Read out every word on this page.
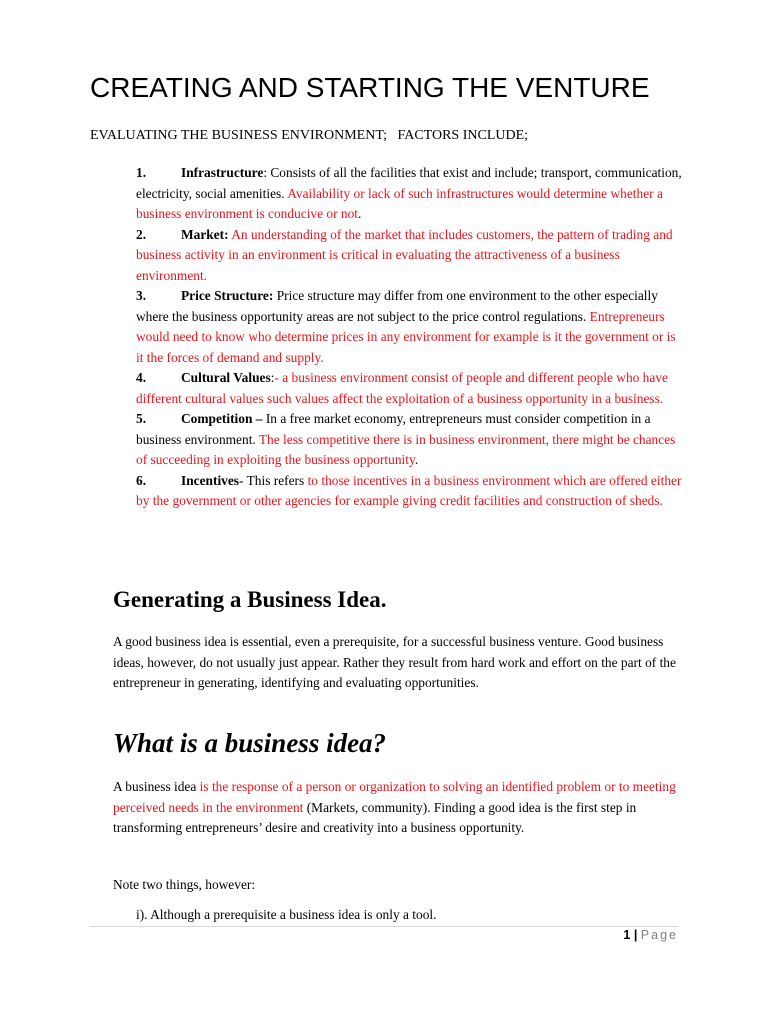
CREATING AND STARTING THE VENTURE

EVALUATING THE BUSINESS ENVIRONMENT;   FACTORS INCLUDE;

1.	Infrastructure: Consists of all the facilities that exist and include; transport, communication, electricity, social amenities. Availability or lack of such infrastructures would determine whether a business environment is conducive or not.
2.	Market: An understanding of the market that includes customers, the pattern of trading and business activity in an environment is critical in evaluating the attractiveness of a business environment.
3.	Price Structure: Price structure may differ from one environment to the other especially where the business opportunity areas are not subject to the price control regulations. Entrepreneurs would need to know who determine prices in any environment for example is it the government or is it the forces of demand and supply.
4.	Cultural Values:- a business environment consist of people and different people who have different cultural values such values affect the exploitation of a business opportunity in a business.
5.	Competition – In a free market economy, entrepreneurs must consider competition in a business environment. The less competitive there is in business environment, there might be chances of succeeding in exploiting the business opportunity.
6.	Incentives- This refers to those incentives in a business environment which are offered either by the government or other agencies for example giving credit facilities and construction of sheds.
Generating a Business Idea.

A good business idea is essential, even a prerequisite, for a successful business venture. Good business ideas, however, do not usually just appear. Rather they result from hard work and effort on the part of the entrepreneur in generating, identifying and evaluating opportunities.

What is a business idea?

A business idea is the response of a person or organization to solving an identified problem or to meeting perceived needs in the environment (Markets, community). Finding a good idea is the first step in transforming entrepreneurs’ desire and creativity into a business opportunity.

Note two things, however:

i). Although a prerequisite a business idea is only a tool.

1 | Page
